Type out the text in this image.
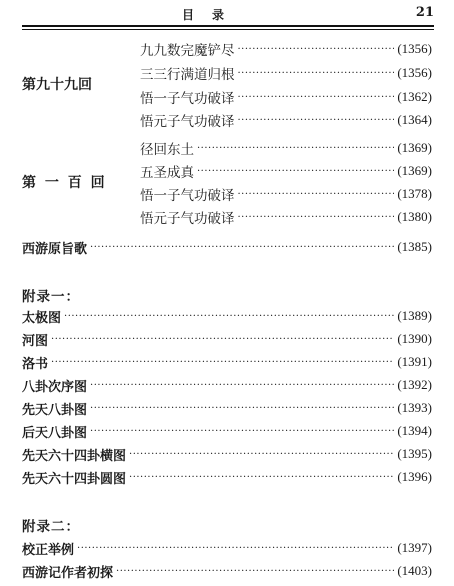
目录	21
第九十九回
九九数完魔铲尽 ·····	(1356)
三三行满道归根 ·····	(1356)
悟一子气功破译 ·····	(1362)
悟元子气功破译 ·····	(1364)
第 一 百 回
径回东土 ·····	(1369)
五圣成真 ·····	(1369)
悟一子气功破译 ·····	(1378)
悟元子气功破译 ·····	(1380)
西游原旨歌 ·····	(1385)
附录一：
太极图 ·····	(1389)
河图 ·····	(1390)
洛书 ·····	(1391)
八卦次序图 ·····	(1392)
先天八卦图 ·····	(1393)
后天八卦图 ·····	(1394)
先天六十四卦横图 ·····	(1395)
先天六十四卦圆图 ·····	(1396)
附录二：
校正举例 ·····	(1397)
西游记作者初探 ·····	(1403)
